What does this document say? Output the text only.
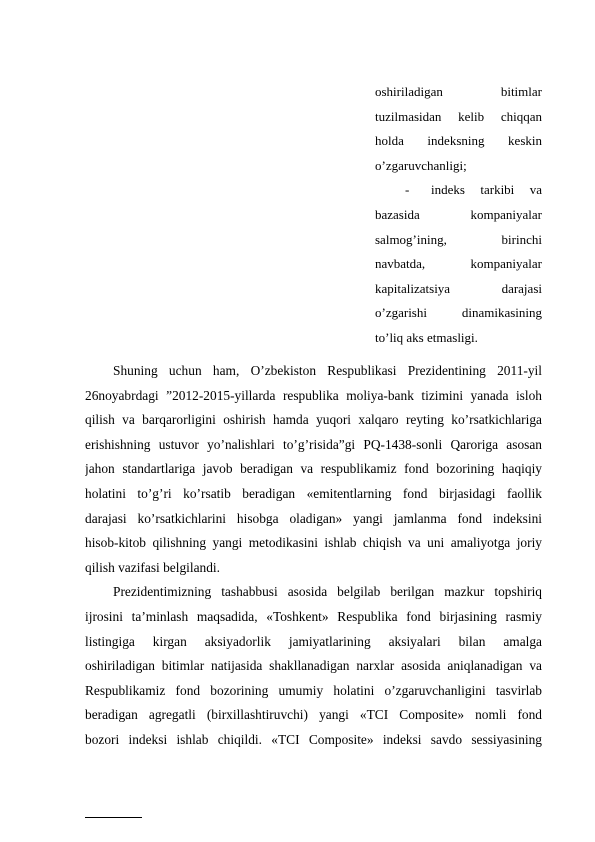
oshiriladigan bitimlar
tuzilmasidan kelib chiqqan
holda indeksning keskin
o’zgaruvchanligi;
- indeks tarkibi va
bazasida kompaniyalar
salmog’ining, birinchi
navbatda, kompaniyalar
kapitalizatsiya darajasi
o’zgarishi dinamikasining
to’liq aks etmasligi.
Shuning uchun ham, O’zbekiston Respublikasi Prezidentining 2011-yil
26noyabrdagi ”2012-2015-yillarda respublika moliya-bank tizimini yanada isloh
qilish va barqarorligini oshirish hamda yuqori xalqaro reyting ko’rsatkichlariga
erishishning ustuvor yo’nalishlari to’g’risida”gi PQ-1438-sonli Qaroriga asosan
jahon standartlariga javob beradigan va respublikamiz fond bozorining haqiqiy
holatini to’g’ri ko’rsatib beradigan «emitentlarning fond birjasidagi faollik
darajasi ko’rsatkichlarini hisobga oladigan» yangi jamlanma fond indeksini
hisob-kitob qilishning yangi metodikasini ishlab chiqish va uni amaliyotga joriy
qilish vazifasi belgilandi.
Prezidentimizning tashabbusi asosida belgilab berilgan mazkur topshiriq
ijrosini ta’minlash maqsadida, «Toshkent» Respublika fond birjasining rasmiy
listingiga kirgan aksiyadorlik jamiyatlarining aksiyalari bilan amalga
oshiriladigan bitimlar natijasida shakllanadigan narxlar asosida aniqlanadigan va
Respublikamiz fond bozorining umumiy holatini o’zgaruvchanligini tasvirlab
beradigan agregatli (birxillashtiruvchi) yangi «TCI Composite» nomli fond
bozori indeksi ishlab chiqildi. «TCI Composite» indeksi savdo sessiyasining
